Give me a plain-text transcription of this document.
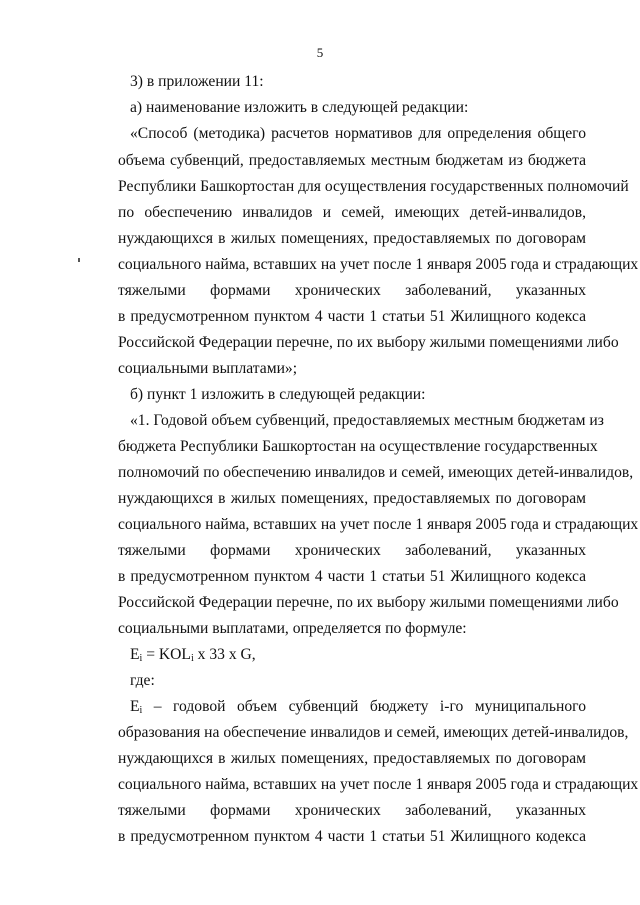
5
3) в приложении 11:
а) наименование изложить в следующей редакции:
«Способ (методика) расчетов нормативов для определения общего
объема субвенций, предоставляемых местным бюджетам из бюджета
Республики Башкортостан для осуществления государственных полномочий
по обеспечению инвалидов и семей, имеющих детей-инвалидов,
нуждающихся в жилых помещениях, предоставляемых по договорам
социального найма, вставших на учет после 1 января 2005 года и страдающих
тяжелыми формами хронических заболеваний, указанных
в предусмотренном пунктом 4 части 1 статьи 51 Жилищного кодекса
Российской Федерации перечне, по их выбору жилыми помещениями либо
социальными выплатами»;
б) пункт 1 изложить в следующей редакции:
«1. Годовой объем субвенций, предоставляемых местным бюджетам из
бюджета Республики Башкортостан на осуществление государственных
полномочий по обеспечению инвалидов и семей, имеющих детей-инвалидов,
нуждающихся в жилых помещениях, предоставляемых по договорам
социального найма, вставших на учет после 1 января 2005 года и страдающих
тяжелыми формами хронических заболеваний, указанных
в предусмотренном пунктом 4 части 1 статьи 51 Жилищного кодекса
Российской Федерации перечне, по их выбору жилыми помещениями либо
социальными выплатами, определяется по формуле:
$E_i = KOL_i$ x 33 x G,
где:
$E_i$ – годовой объем субвенций бюджету i-го муниципального
образования на обеспечение инвалидов и семей, имеющих детей-инвалидов,
нуждающихся в жилых помещениях, предоставляемых по договорам
социального найма, вставших на учет после 1 января 2005 года и страдающих
тяжелыми формами хронических заболеваний, указанных
в предусмотренном пунктом 4 части 1 статьи 51 Жилищного кодекса
